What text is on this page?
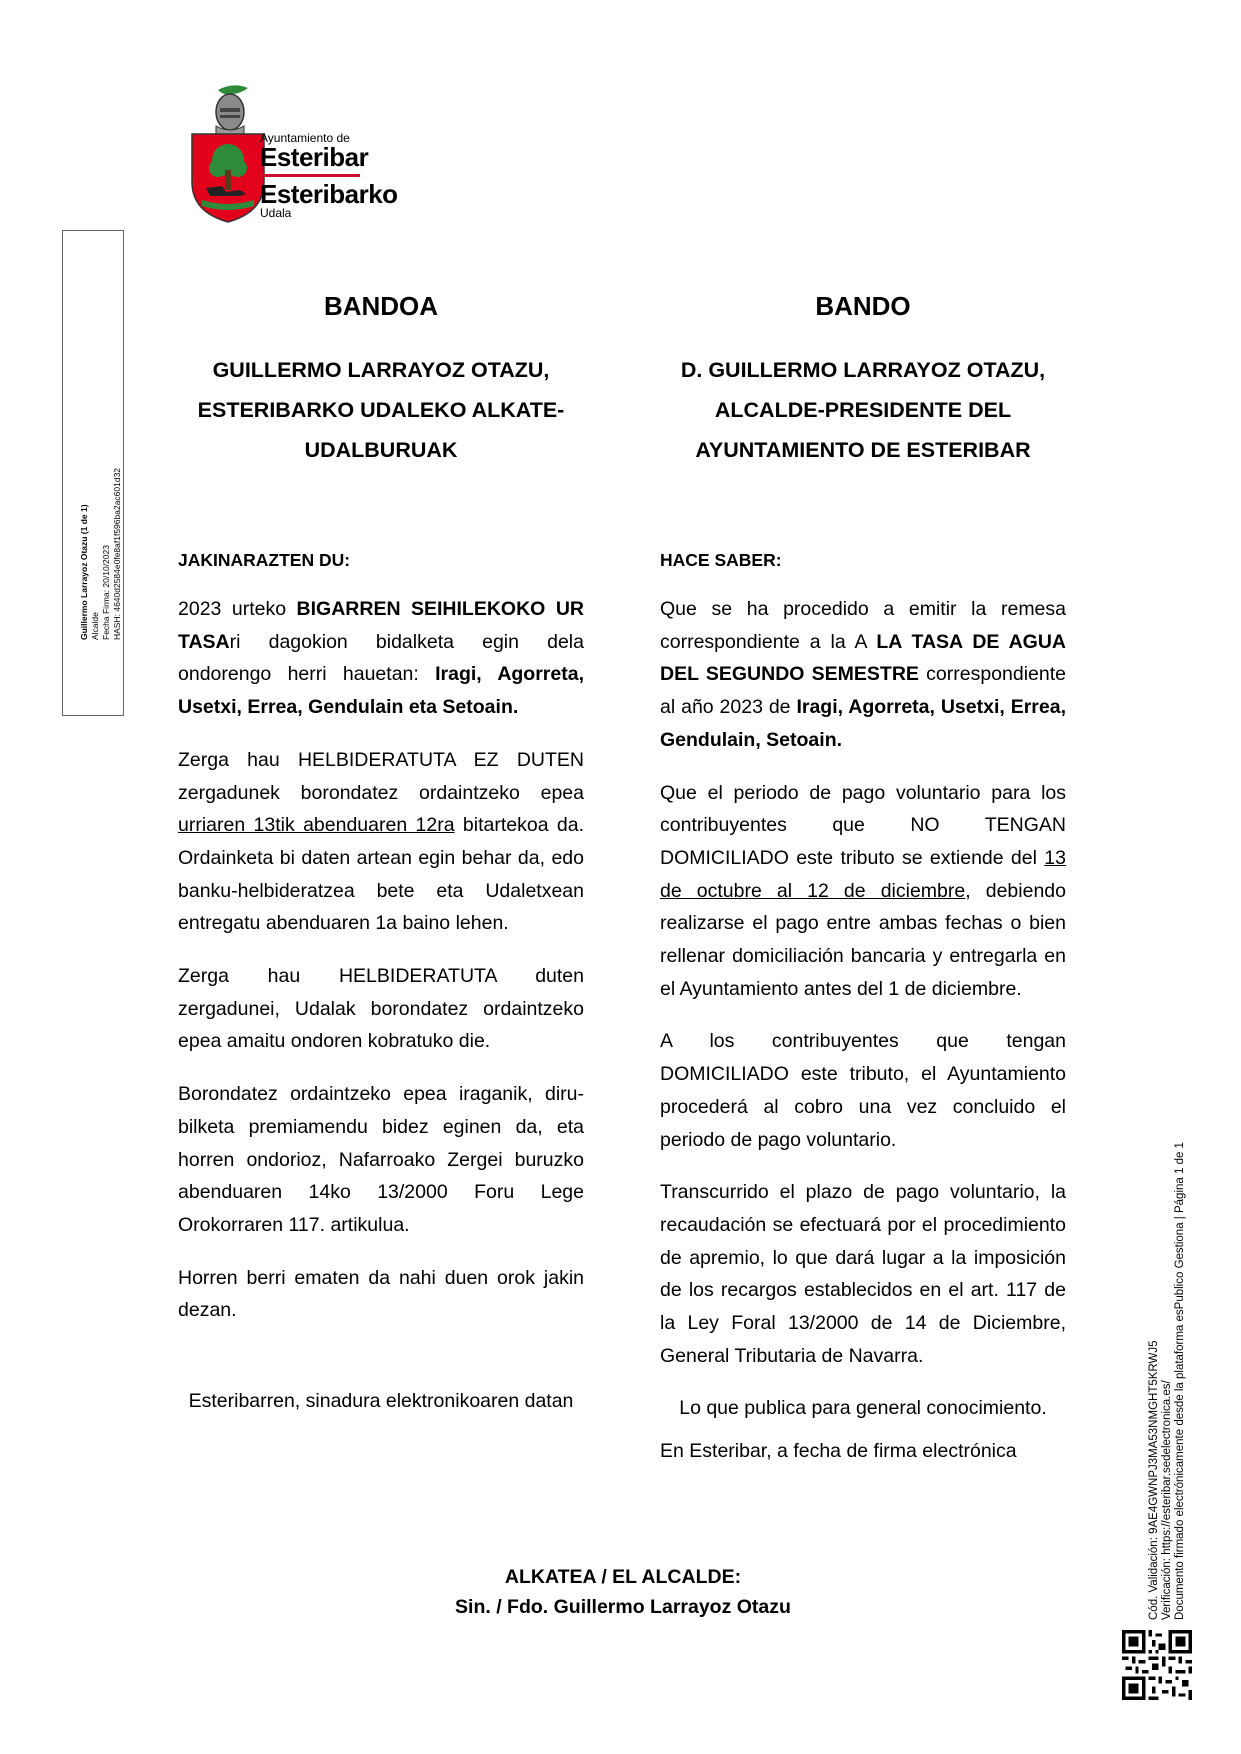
Ayuntamiento de
Esteribar
Esteribarko
Udala
Guillermo Larrayoz Otazu (1 de 1) Alcalde Fecha Firma: 20/10/2023 HASH: 4640d2584e0fe8af1f596ba2ac601d32

BANDOA

GUILLERMO LARRAYOZ OTAZU,
ESTERIBARKO UDALEKO ALKATE-
UDALBURUAK

JAKINARAZTEN DU:

2023 urteko BIGARREN SEIHILEKOKO UR TASAri dagokion bidalketa egin dela ondorengo herri hauetan: Iragi, Agorreta, Usetxi, Errea, Gendulain eta Setoain.

Zerga hau HELBIDERATUTA EZ DUTEN zergadunek borondatez ordaintzeko epea urriaren 13tik abenduaren 12ra bitartekoa da. Ordainketa bi daten artean egin behar da, edo banku-helbideratzea bete eta Udaletxean entregatu abenduaren 1a baino lehen.

Zerga hau HELBIDERATUTA duten zergadunei, Udalak borondatez ordaintzeko epea amaitu ondoren kobratuko die.

Borondatez ordaintzeko epea iraganik, diru-bilketa premiamendu bidez eginen da, eta horren ondorioz, Nafarroako Zergei buruzko abenduaren 14ko 13/2000 Foru Lege Orokorraren 117. artikulua.

Horren berri ematen da nahi duen orok jakin dezan.

Esteribarren, sinadura elektronikoaren datan

BANDO

D. GUILLERMO LARRAYOZ OTAZU,
ALCALDE-PRESIDENTE DEL
AYUNTAMIENTO DE ESTERIBAR

HACE SABER:

Que se ha procedido a emitir la remesa correspondiente a la A LA TASA DE AGUA DEL SEGUNDO SEMESTRE correspondiente al año 2023 de Iragi, Agorreta, Usetxi, Errea, Gendulain, Setoain.

Que el periodo de pago voluntario para los contribuyentes que NO TENGAN DOMICILIADO este tributo se extiende del 13 de octubre al 12 de diciembre, debiendo realizarse el pago entre ambas fechas o bien rellenar domiciliación bancaria y entregarla en el Ayuntamiento antes del 1 de diciembre.

A los contribuyentes que tengan DOMICILIADO este tributo, el Ayuntamiento procederá al cobro una vez concluido el periodo de pago voluntario.

Transcurrido el plazo de pago voluntario, la recaudación se efectuará por el procedimiento de apremio, lo que dará lugar a la imposición de los recargos establecidos en el art. 117 de la Ley Foral 13/2000 de 14 de Diciembre, General Tributaria de Navarra.

Lo que publica para general conocimiento.

En Esteribar, a fecha de firma electrónica

ALKATEA / EL ALCALDE:
Sin. / Fdo. Guillermo Larrayoz Otazu	Cód. Validación: 9AE4GWNPJ3MA53NMGHT5KRWJ5 Verificación: https://esteribar.sedelectronica.es/ Documento firmado electrónicamente desde la plataforma esPublico Gestiona | Página 1 de 1
